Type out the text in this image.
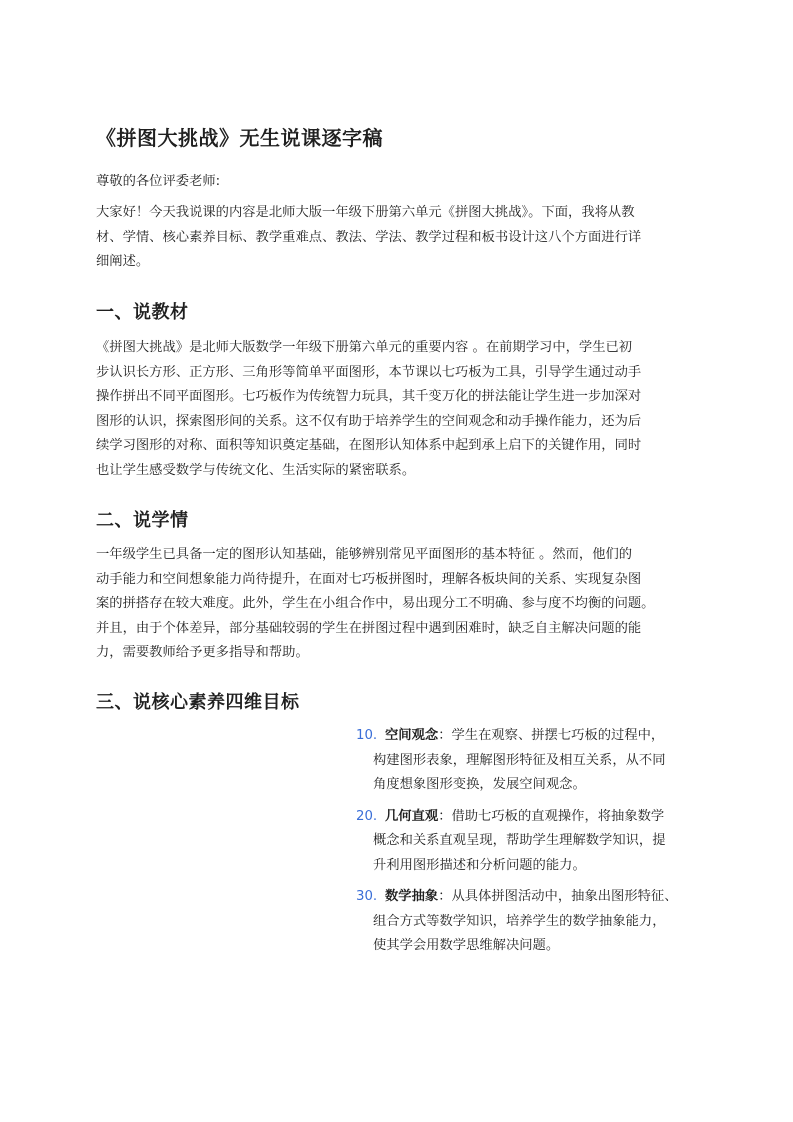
《拼图大挑战》无生说课逐字稿

尊敬的各位评委老师:

大家好！今天我说课的内容是北师大版一年级下册第六单元《拼图大挑战》。下面，我将从教
材、学情、核心素养目标、教学重难点、教法、学法、教学过程和板书设计这八个方面进行详
细阐述。

一、说教材

《拼图大挑战》是北师大版数学一年级下册第六单元的重要内容 。在前期学习中，学生已初
步认识长方形、正方形、三角形等简单平面图形，本节课以七巧板为工具，引导学生通过动手
操作拼出不同平面图形。七巧板作为传统智力玩具，其千变万化的拼法能让学生进一步加深对
图形的认识，探索图形间的关系。这不仅有助于培养学生的空间观念和动手操作能力，还为后
续学习图形的对称、面积等知识奠定基础，在图形认知体系中起到承上启下的关键作用，同时
也让学生感受数学与传统文化、生活实际的紧密联系。

二、说学情

一年级学生已具备一定的图形认知基础，能够辨别常见平面图形的基本特征 。然而，他们的
动手能力和空间想象能力尚待提升，在面对七巧板拼图时，理解各板块间的关系、实现复杂图
案的拼搭存在较大难度。此外，学生在小组合作中，易出现分工不明确、参与度不均衡的问题。
并且，由于个体差异，部分基础较弱的学生在拼图过程中遇到困难时，缺乏自主解决问题的能
力，需要教师给予更多指导和帮助。

三、说核心素养四维目标
10. 空间观念：学生在观察、拼摆七巧板的过程中，
构建图形表象，理解图形特征及相互关系，从不同
角度想象图形变换，发展空间观念。
20. 几何直观：借助七巧板的直观操作，将抽象数学
概念和关系直观呈现，帮助学生理解数学知识，提
升利用图形描述和分析问题的能力。
30. 数学抽象：从具体拼图活动中，抽象出图形特征、
组合方式等数学知识，培养学生的数学抽象能力，
使其学会用数学思维解决问题。
